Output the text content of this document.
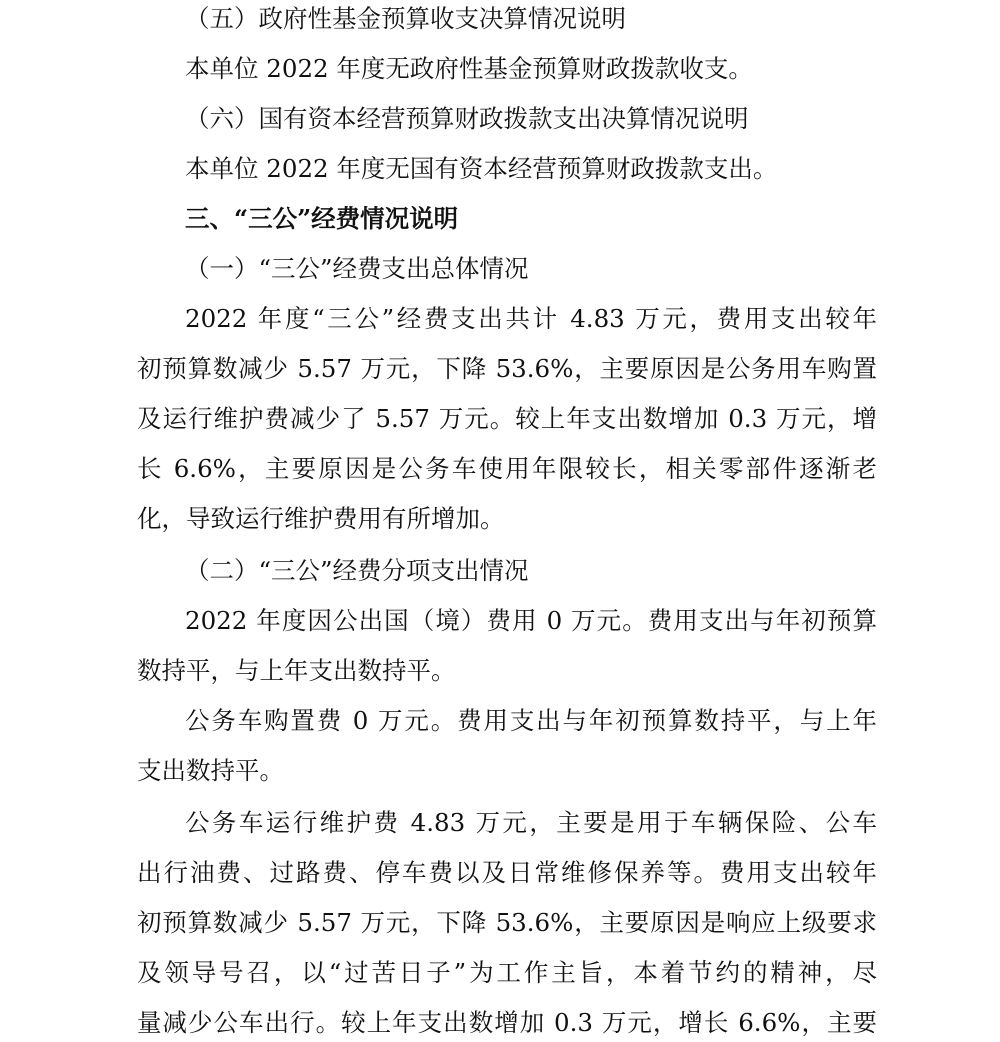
（五）政府性基金预算收支决算情况说明
本单位 2022 年度无政府性基金预算财政拨款收支。
（六）国有资本经营预算财政拨款支出决算情况说明
本单位 2022 年度无国有资本经营预算财政拨款支出。
三、“三公”经费情况说明
（一）“三公”经费支出总体情况
2022 年度“三公”经费支出共计 4.83 万元，费用支出较年
初预算数减少 5.57 万元，下降 53.6%，主要原因是公务用车购置
及运行维护费减少了 5.57 万元。较上年支出数增加 0.3 万元，增
长 6.6%，主要原因是公务车使用年限较长，相关零部件逐渐老
化，导致运行维护费用有所增加。
（二）“三公”经费分项支出情况
2022 年度因公出国（境）费用 0 万元。费用支出与年初预算
数持平，与上年支出数持平。
公务车购置费 0 万元。费用支出与年初预算数持平，与上年
支出数持平。
公务车运行维护费 4.83 万元，主要是用于车辆保险、公车
出行油费、过路费、停车费以及日常维修保养等。费用支出较年
初预算数减少 5.57 万元，下降 53.6%，主要原因是响应上级要求
及领导号召，以“过苦日子”为工作主旨，本着节约的精神，尽
量减少公车出行。较上年支出数增加 0.3 万元，增长 6.6%，主要
